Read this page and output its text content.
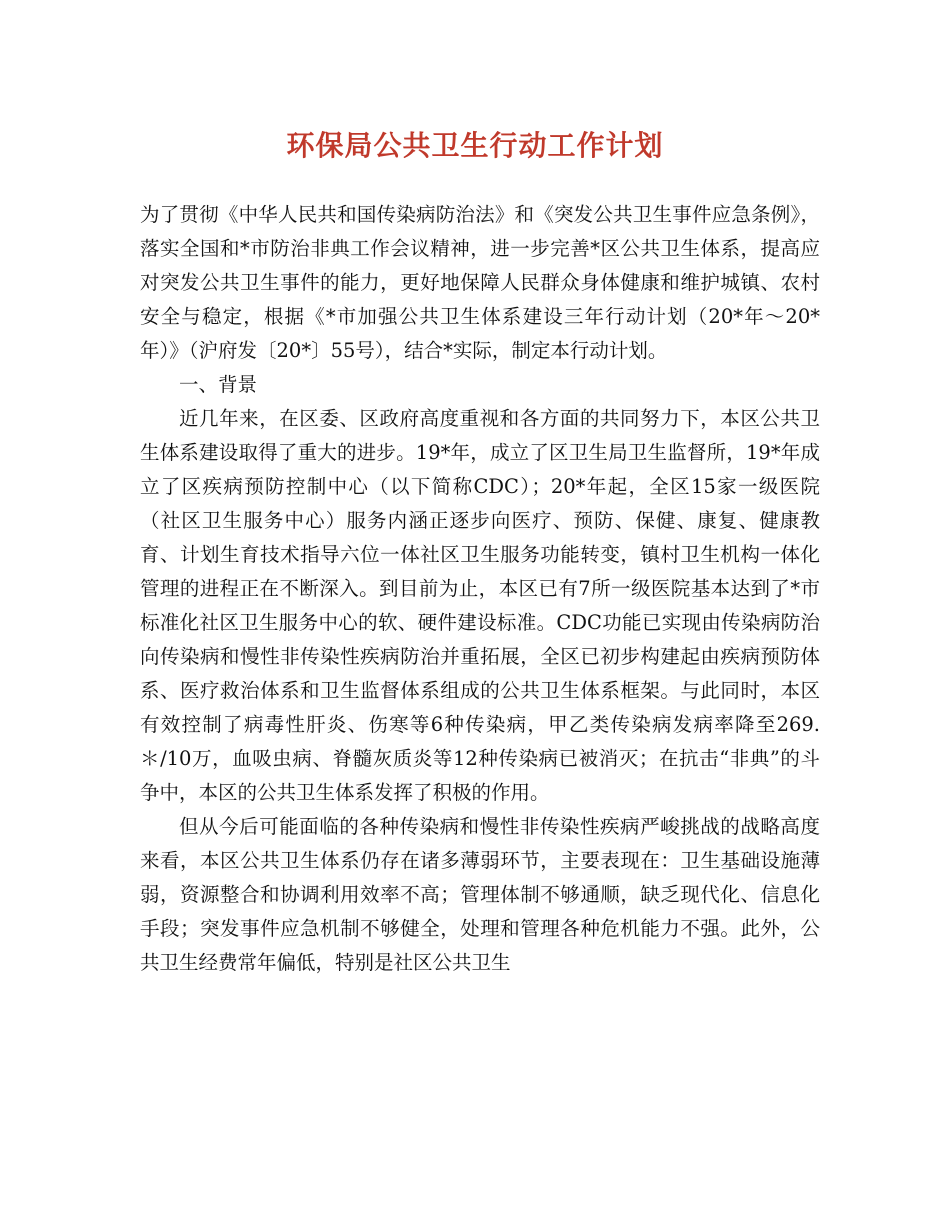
环保局公共卫生行动工作计划

为了贯彻《中华人民共和国传染病防治法》和《突发公共卫生事件应急条例》，落实全国和*市防治非典工作会议精神，进一步完善*区公共卫生体系，提高应对突发公共卫生事件的能力，更好地保障人民群众身体健康和维护城镇、农村安全与稳定，根据《*市加强公共卫生体系建设三年行动计划（20*年～20*年）》（沪府发〔20*〕55号），结合*实际，制定本行动计划。

一、背景

近几年来，在区委、区政府高度重视和各方面的共同努力下，本区公共卫生体系建设取得了重大的进步。19*年，成立了区卫生局卫生监督所，19*年成立了区疾病预防控制中心（以下简称CDC）；20*年起，全区15家一级医院（社区卫生服务中心）服务内涵正逐步向医疗、预防、保健、康复、健康教育、计划生育技术指导六位一体社区卫生服务功能转变，镇村卫生机构一体化管理的进程正在不断深入。到目前为止，本区已有7所一级医院基本达到了*市标准化社区卫生服务中心的软、硬件建设标准。CDC功能已实现由传染病防治向传染病和慢性非传染性疾病防治并重拓展，全区已初步构建起由疾病预防体系、医疗救治体系和卫生监督体系组成的公共卫生体系框架。与此同时，本区有效控制了病毒性肝炎、伤寒等6种传染病，甲乙类传染病发病率降至269.＊/10万，血吸虫病、脊髓灰质炎等12种传染病已被消灭；在抗击“非典”的斗争中，本区的公共卫生体系发挥了积极的作用。

但从今后可能面临的各种传染病和慢性非传染性疾病严峻挑战的战略高度来看，本区公共卫生体系仍存在诸多薄弱环节，主要表现在：卫生基础设施薄弱，资源整合和协调利用效率不高；管理体制不够通顺，缺乏现代化、信息化手段；突发事件应急机制不够健全，处理和管理各种危机能力不强。此外，公共卫生经费常年偏低，特别是社区公共卫生
